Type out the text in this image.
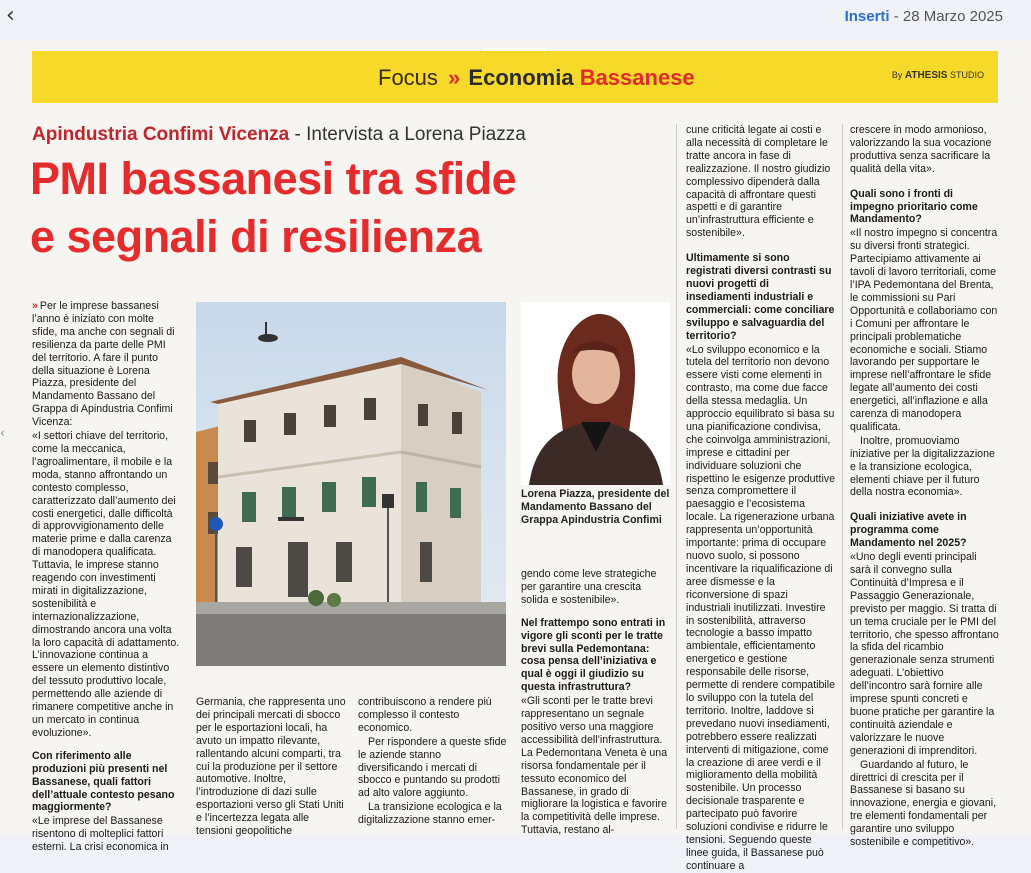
‹	Inserti - 28 Marzo 2025
Focus » Economia Bassanese	By ATHESIS STUDIO
Apindustria Confimi Vicenza - Intervista a Lorena Piazza
PMI bassanesi tra sfide
e segnali di resilienza

» Per le imprese bassanesi l’anno è iniziato con molte sfide, ma anche con segnali di resilienza da parte delle PMI del territorio. A fare il punto della situazione è Lorena Piazza, presidente del Mandamento Bassano del Grappa di Apindustria Confimi Vicenza:

«I settori chiave del territorio, come la meccanica, l’agroalimentare, il mobile e la moda, stanno affrontando un contesto complesso, caratterizzato dall’aumento dei costi energetici, dalle difficoltà di approvvigionamento delle materie prime e dalla carenza di manodopera qualificata. Tuttavia, le imprese stanno reagendo con investimenti mirati in digitalizzazione, sostenibilità e internazionalizzazione, dimostrando ancora una volta la loro capacità di adattamento. L’innovazione continua a essere un elemento distintivo del tessuto produttivo locale, permettendo alle aziende di rimanere competitive anche in un mercato in continua evoluzione».

Con riferimento alle produzioni più presenti nel Bassanese, quali fattori dell’attuale contesto pesano maggiormente?

«Le imprese del Bassanese risentono di molteplici fattori esterni. La crisi economica in

Lorena Piazza, presidente del Mandamento Bassano del Grappa Apindustria Confimi

Germania, che rappresenta uno dei principali mercati di sbocco per le esportazioni locali, ha avuto un impatto rilevante, rallentando alcuni comparti, tra cui la produzione per il settore automotive. Inoltre, l’introduzione di dazi sulle esportazioni verso gli Stati Uniti e l’incertezza legata alle tensioni geopolitiche

contribuiscono a rendere più complesso il contesto economico.

Per rispondere a queste sfide le aziende stanno diversificando i mercati di sbocco e puntando su prodotti ad alto valore aggiunto.

La transizione ecologica e la digitalizzazione stanno emer-

gendo come leve strategiche per garantire una crescita solida e sostenibile».

Nel frattempo sono entrati in vigore gli sconti per le tratte brevi sulla Pedemontana: cosa pensa dell’iniziativa e qual è oggi il giudizio su questa infrastruttura?

«Gli sconti per le tratte brevi rappresentano un segnale positivo verso una maggiore accessibilità dell’infrastruttura. La Pedemontana Veneta è una risorsa fondamentale per il tessuto economico del Bassanese, in grado di migliorare la logistica e favorire la competitività delle imprese. Tuttavia, restano al-

cune criticità legate ai costi e alla necessità di completare le tratte ancora in fase di realizzazione. Il nostro giudizio complessivo dipenderà dalla capacità di affrontare questi aspetti e di garantire un’infrastruttura efficiente e sostenibile».

Ultimamente si sono registrati diversi contrasti su nuovi progetti di insediamenti industriali e commerciali: come conciliare sviluppo e salvaguardia del territorio?

«Lo sviluppo economico e la tutela del territorio non devono essere visti come elementi in contrasto, ma come due facce della stessa medaglia. Un approccio equilibrato si basa su una pianificazione condivisa, che coinvolga amministrazioni, imprese e cittadini per individuare soluzioni che rispettino le esigenze produttive senza compromettere il paesaggio e l’ecosistema locale. La rigenerazione urbana rappresenta un’opportunità importante: prima di occupare nuovo suolo, si possono incentivare la riqualificazione di aree dismesse e la riconversione di spazi industriali inutilizzati. Investire in sostenibilità, attraverso tecnologie a basso impatto ambientale, efficientamento energetico e gestione responsabile delle risorse, permette di rendere compatibile lo sviluppo con la tutela del territorio. Inoltre, laddove si prevedano nuovi insediamenti, potrebbero essere realizzati interventi di mitigazione, come la creazione di aree verdi e il miglioramento della mobilità sostenibile. Un processo decisionale trasparente e partecipato può favorire soluzioni condivise e ridurre le tensioni. Seguendo queste linee guida, il Bassanese può continuare a

crescere in modo armonioso, valorizzando la sua vocazione produttiva senza sacrificare la qualità della vita».

Quali sono i fronti di impegno prioritario come Mandamento?

«Il nostro impegno si concentra su diversi fronti strategici. Partecipiamo attivamente ai tavoli di lavoro territoriali, come l’IPA Pedemontana del Brenta, le commissioni su Pari Opportunità e collaboriamo con i Comuni per affrontare le principali problematiche economiche e sociali. Stiamo lavorando per supportare le imprese nell’affrontare le sfide legate all’aumento dei costi energetici, all’inflazione e alla carenza di manodopera qualificata.

Inoltre, promuoviamo iniziative per la digitalizzazione e la transizione ecologica, elementi chiave per il futuro della nostra economia».

Quali iniziative avete in programma come Mandamento nel 2025?

«Uno degli eventi principali sarà il convegno sulla Continuità d’Impresa e il Passaggio Generazionale, previsto per maggio. Si tratta di un tema cruciale per le PMI del territorio, che spesso affrontano la sfida del ricambio generazionale senza strumenti adeguati. L’obiettivo dell’incontro sarà fornire alle imprese spunti concreti e buone pratiche per garantire la continuità aziendale e valorizzare le nuove generazioni di imprenditori.

Guardando al futuro, le direttrici di crescita per il Bassanese si basano su innovazione, energia e giovani, tre elementi fondamentali per garantire uno sviluppo sostenibile e competitivo».

‹
